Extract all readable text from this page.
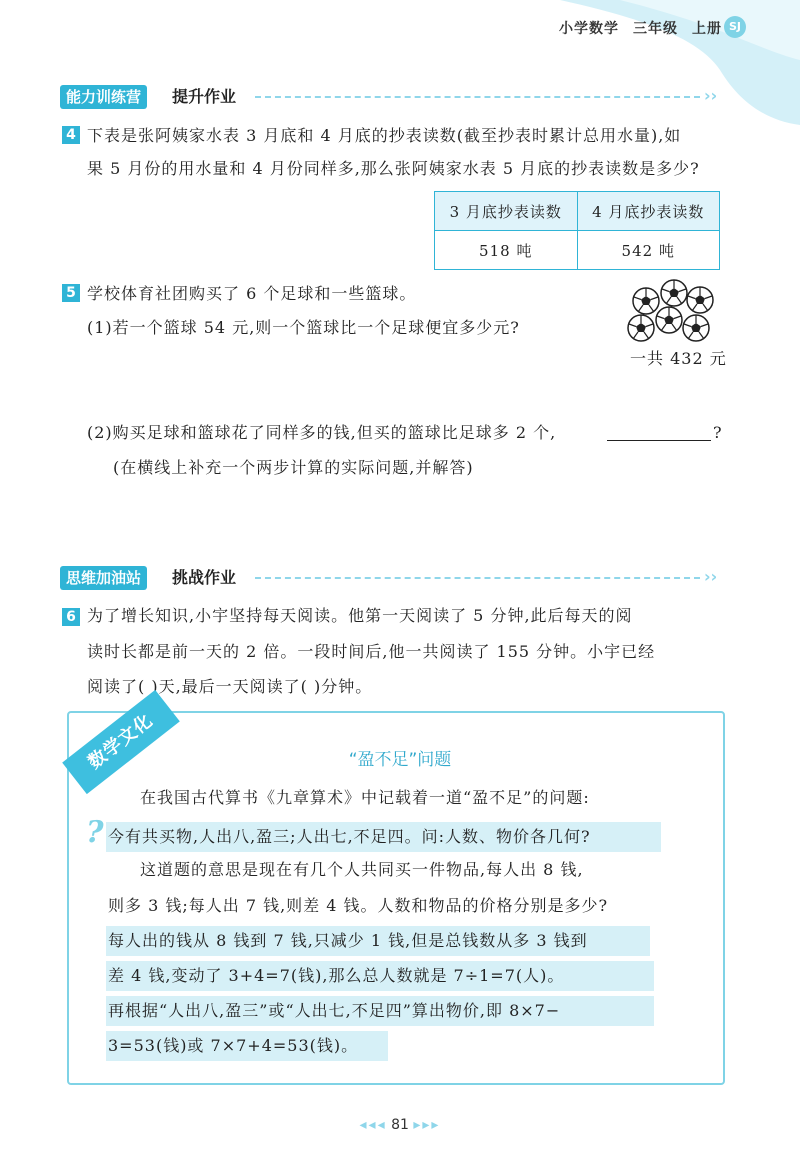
小学数学 三年级 上册 SJ
能力训练营	提升作业	››
4 下表是张阿姨家水表 3 月底和 4 月底的抄表读数(截至抄表时累计总用水量),如
果 5 月份的用水量和 4 月份同样多,那么张阿姨家水表 5 月底的抄表读数是多少?
3 月底抄表读数	4 月底抄表读数
518 吨	542 吨
5 学校体育社团购买了 6 个足球和一些篮球。
(1)若一个篮球 54 元,则一个篮球比一个足球便宜多少元?
一共 432 元
(2)购买足球和篮球花了同样多的钱,但买的篮球比足球多 2 个,	?
(在横线上补充一个两步计算的实际问题,并解答)
思维加油站	挑战作业	››
6 为了增长知识,小宇坚持每天阅读。他第一天阅读了 5 分钟,此后每天的阅
读时长都是前一天的 2 倍。一段时间后,他一共阅读了 155 分钟。小宇已经
阅读了( )天,最后一天阅读了( )分钟。
数学文化	“盈不足”问题
在我国古代算书《九章算术》中记载着一道“盈不足”的问题:
? 今有共买物,人出八,盈三;人出七,不足四。问:人数、物价各几何?
这道题的意思是现在有几个人共同买一件物品,每人出 8 钱,
则多 3 钱;每人出 7 钱,则差 4 钱。人数和物品的价格分别是多少?
每人出的钱从 8 钱到 7 钱,只减少 1 钱,但是总钱数从多 3 钱到
差 4 钱,变动了 3+4=7(钱),那么总人数就是 7÷1=7(人)。
再根据“人出八,盈三”或“人出七,不足四”算出物价,即 8×7−
3=53(钱)或 7×7+4=53(钱)。
◂◂◂ 81 ▸▸▸
